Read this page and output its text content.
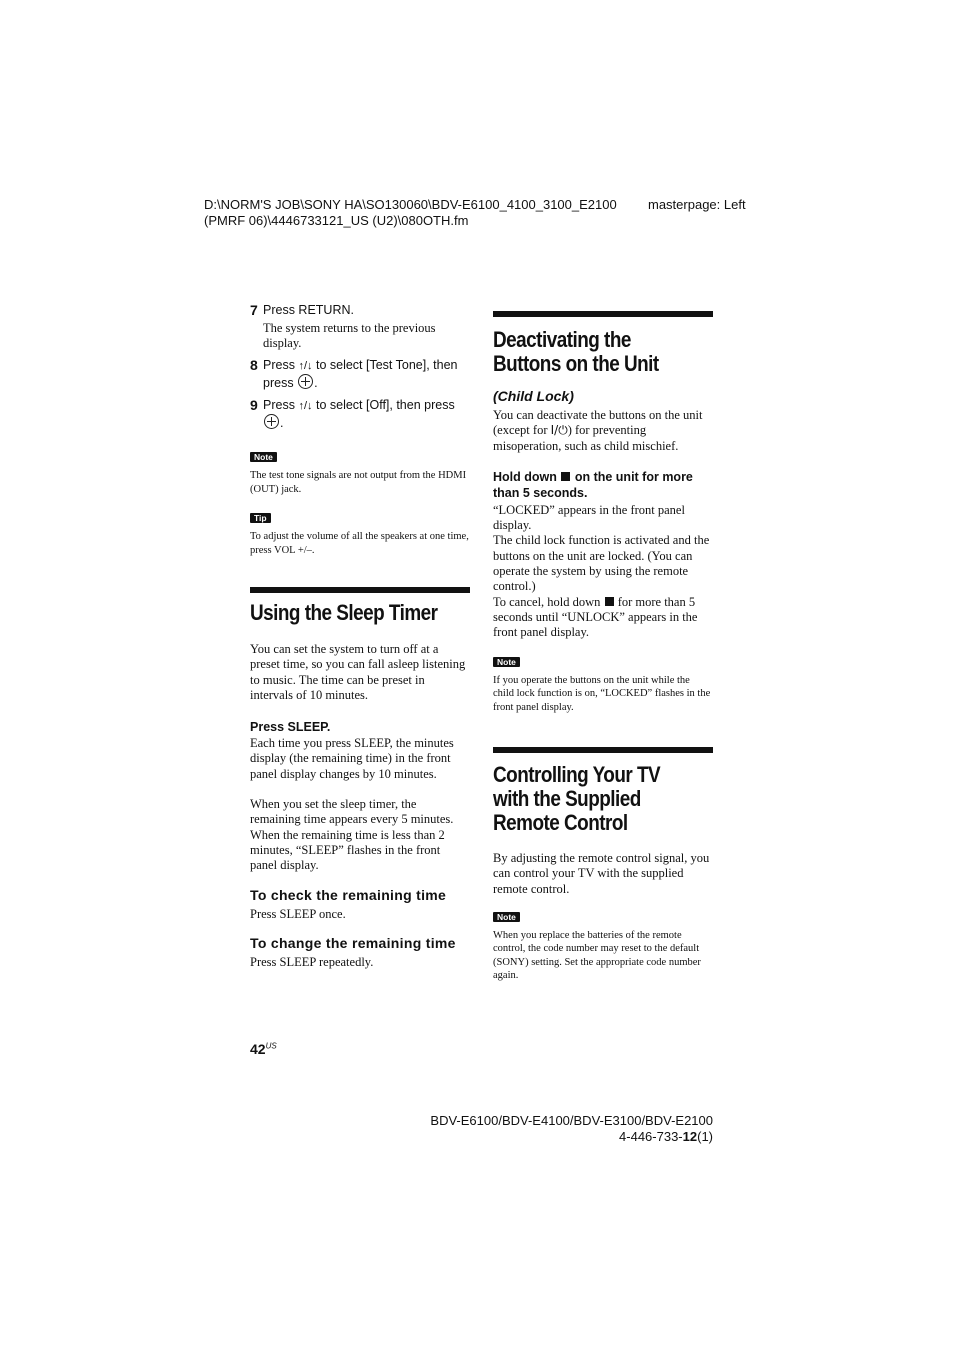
D:\NORM'S JOB\SONY HA\SO130060\BDV-E6100_4100_3100_E2100
(PMRF 06)\4446733121_US (U2)\080OTH.fm
masterpage: Left
7 Press RETURN.
The system returns to the previous display.
8 Press ↑/↓ to select [Test Tone], then press .
9 Press ↑/↓ to select [Off], then press .
Note
The test tone signals are not output from the HDMI (OUT) jack.
Tip
To adjust the volume of all the speakers at one time, press VOL +/–.
Using the Sleep Timer
You can set the system to turn off at a preset time, so you can fall asleep listening to music. The time can be preset in intervals of 10 minutes.
Press SLEEP.
Each time you press SLEEP, the minutes display (the remaining time) in the front panel display changes by 10 minutes.
When you set the sleep timer, the remaining time appears every 5 minutes. When the remaining time is less than 2 minutes, “SLEEP” flashes in the front panel display.
To check the remaining time
Press SLEEP once.
To change the remaining time
Press SLEEP repeatedly.
Deactivating the
Buttons on the Unit
(Child Lock)
You can deactivate the buttons on the unit (except for I/⏻) for preventing misoperation, such as child mischief.
Hold down  on the unit for more than 5 seconds.
“LOCKED” appears in the front panel display.
The child lock function is activated and the buttons on the unit are locked. (You can operate the system by using the remote control.)
To cancel, hold down  for more than 5 seconds until “UNLOCK” appears in the front panel display.
Note
If you operate the buttons on the unit while the child lock function is on, “LOCKED” flashes in the front panel display.
Controlling Your TV
with the Supplied
Remote Control
By adjusting the remote control signal, you can control your TV with the supplied remote control.
Note
When you replace the batteries of the remote control, the code number may reset to the default (SONY) setting. Set the appropriate code number again.
$42^{US}$
BDV-E6100/BDV-E4100/BDV-E3100/BDV-E2100
4-446-733-12(1)
